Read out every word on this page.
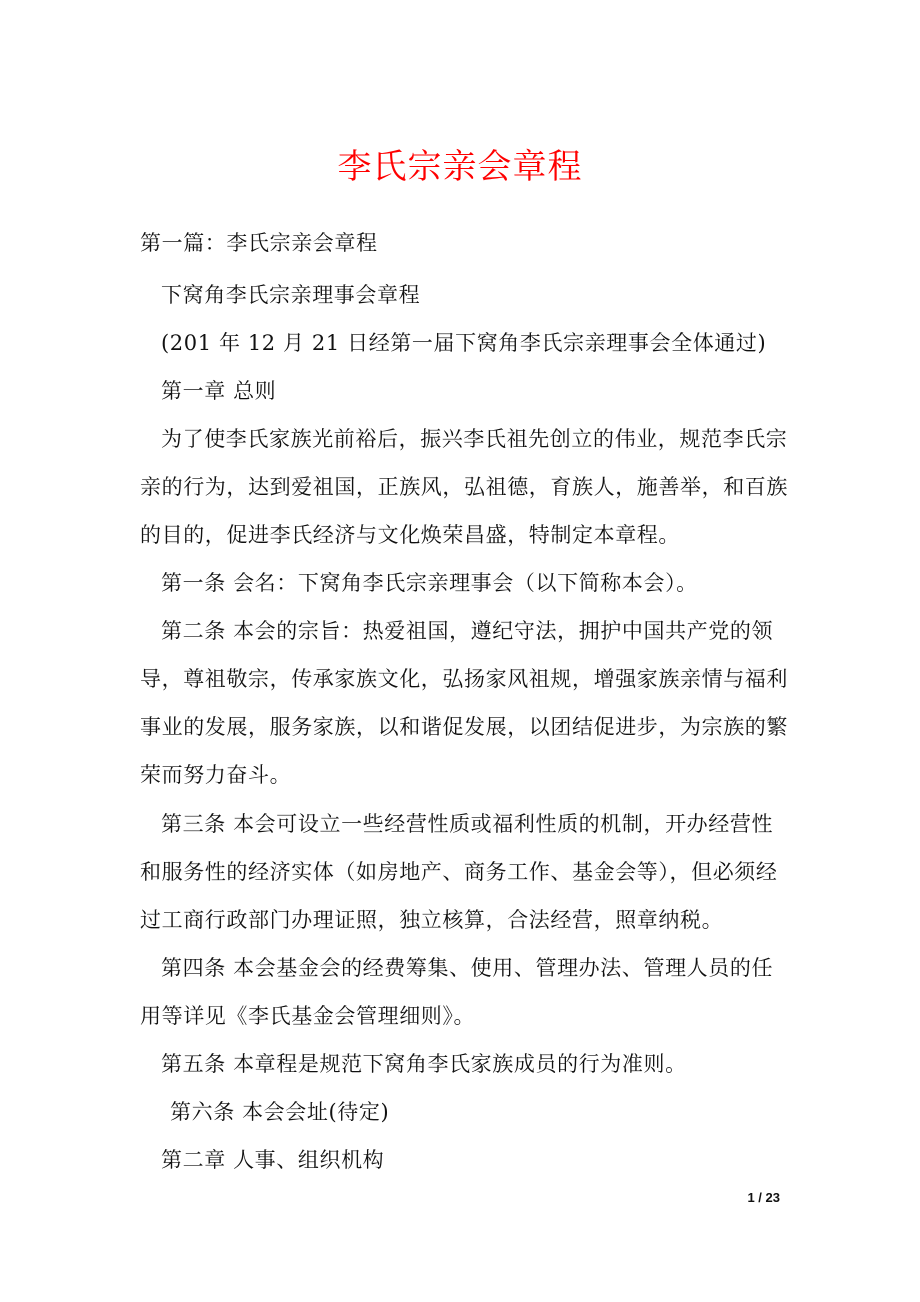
李氏宗亲会章程
第一篇：李氏宗亲会章程
下窝角李氏宗亲理事会章程
(201 年 12 月 21 日经第一届下窝角李氏宗亲理事会全体通过)
第一章 总则
为了使李氏家族光前裕后，振兴李氏祖先创立的伟业，规范李氏宗
亲的行为，达到爱祖国，正族风，弘祖德，育族人，施善举，和百族
的目的，促进李氏经济与文化焕荣昌盛，特制定本章程。
第一条 会名：下窝角李氏宗亲理事会（以下简称本会）。
第二条 本会的宗旨：热爱祖国，遵纪守法，拥护中国共产党的领
导，尊祖敬宗，传承家族文化，弘扬家风祖规，增强家族亲情与福利
事业的发展，服务家族，以和谐促发展，以团结促进步，为宗族的繁
荣而努力奋斗。
第三条 本会可设立一些经营性质或福利性质的机制，开办经营性
和服务性的经济实体（如房地产、商务工作、基金会等），但必须经
过工商行政部门办理证照，独立核算，合法经营，照章纳税。
第四条 本会基金会的经费筹集、使用、管理办法、管理人员的任
用等详见《李氏基金会管理细则》。
第五条 本章程是规范下窝角李氏家族成员的行为准则。
第六条 本会会址(待定)
第二章 人事、组织机构
1 / 23
